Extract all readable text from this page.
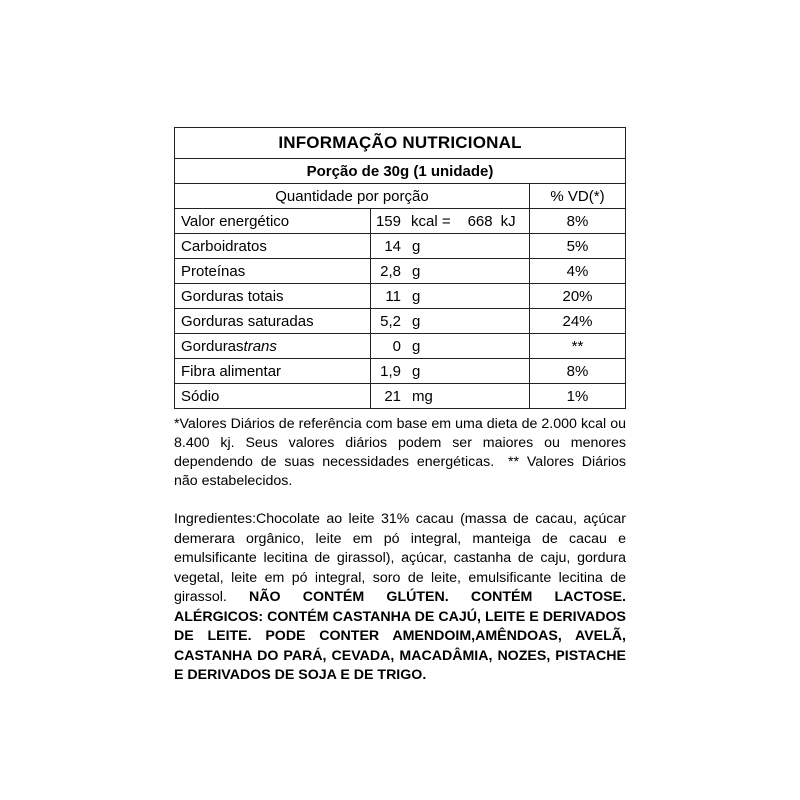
INFORMAÇÃO NUTRICIONAL
Porção de 30g (1 unidade)
Quantidade por porção	% VD(*)
Valor energético	159 kcal =	668 kJ	8%
Carboidratos	14 g	5%
Proteínas	2,8 g	4%
Gorduras totais	11 g	20%
Gorduras saturadas	5,2 g	24%
Gorduras trans	0 g	**
Fibra alimentar	1,9 g	8%
Sódio	21 mg	1%
*Valores Diários de referência com base em uma dieta de 2.000 kcal ou 8.400 kj. Seus valores diários podem ser maiores ou menores dependendo de suas necessidades energéticas. ** Valores Diários não estabelecidos.
Ingredientes:Chocolate ao leite 31% cacau (massa de cacau, açúcar demerara orgânico, leite em pó integral, manteiga de cacau e emulsificante lecitina de girassol), açúcar, castanha de caju, gordura vegetal, leite em pó integral, soro de leite, emulsificante lecitina de girassol. NÃO CONTÉM GLÚTEN. CONTÉM LACTOSE. ALÉRGICOS: CONTÉM CASTANHA DE CAJÚ, LEITE E DERIVADOS DE LEITE. PODE CONTER AMENDOIM,AMÊNDOAS, AVELÃ, CASTANHA DO PARÁ, CEVADA, MACADÂMIA, NOZES, PISTACHE E DERIVADOS DE SOJA E DE TRIGO.
